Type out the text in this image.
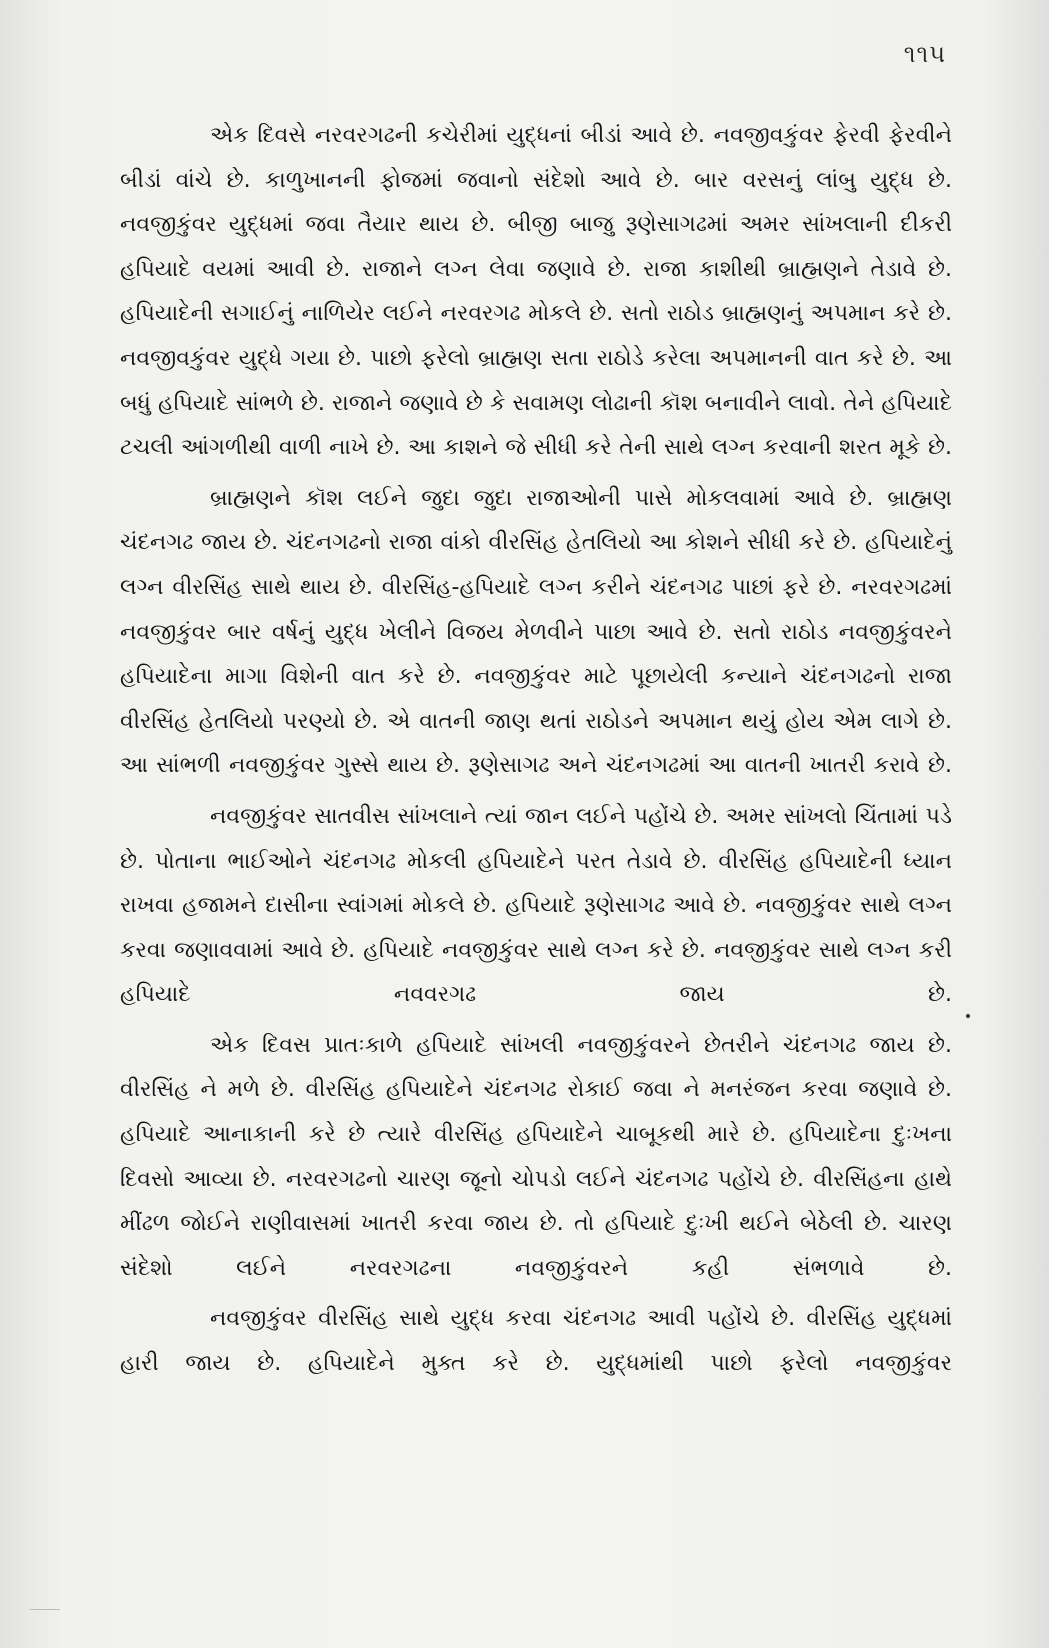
૧૧૫

એક દિવસે નરવરગઢની કચેરીમાં યુદ્ધનાં બીડાં આવે છે. નવજીવકુંવર ફેરવી ફેરવીને બીડાં વાંચે છે. કાળુખાનની ફોજમાં જવાનો સંદેશો આવે છે. બાર વરસનું લાંબુ યુદ્ધ છે. નવજીકુંવર યુદ્ધમાં જવા તૈયાર થાય છે. બીજી બાજુ રૂણેસાગઢમાં અમર સાંખલાની દીકરી હપિયાદે વયમાં આવી છે. રાજાને લગ્ન લેવા જણાવે છે. રાજા કાશીથી બ્રાહ્મણને તેડાવે છે. હપિયાદેની સગાઈનું નાળિયેર લઈને નરવરગઢ મોકલે છે. સતો રાઠોડ બ્રાહ્મણનું અપમાન કરે છે. નવજીવકુંવર યુદ્ધે ગયા છે. પાછો ફરેલો બ્રાહ્મણ સતા રાઠોડે કરેલા અપમાનની વાત કરે છે. આ બધું હપિયાદે સાંભળે છે. રાજાને જણાવે છે કે સવામણ લોઢાની કૉશ બનાવીને લાવો. તેને હપિયાદે ટચલી આંગળીથી વાળી નાખે છે. આ કાશને જે સીધી કરે તેની સાથે લગ્ન કરવાની શરત મૂકે છે.

બ્રાહ્મણને કૉશ લઈને જુદા જુદા રાજાઓની પાસે મોકલવામાં આવે છે. બ્રાહ્મણ ચંદનગઢ જાય છે. ચંદનગઢનો રાજા વાંકો વીરસિંહ હેતલિયો આ કોશને સીધી કરે છે. હપિયાદેનું લગ્ન વીરસિંહ સાથે થાય છે. વીરસિંહ-હપિયાદે લગ્ન કરીને ચંદનગઢ પાછાં ફરે છે. નરવરગઢમાં નવજીકુંવર બાર વર્ષનું યુદ્ધ ખેલીને વિજય મેળવીને પાછા આવે છે. સતો રાઠોડ નવજીકુંવરને હપિયાદેના માગા વિશેની વાત કરે છે. નવજીકુંવર માટે પૂછાયેલી કન્યાને ચંદનગઢનો રાજા વીરસિંહ હેતલિયો પરણ્યો છે. એ વાતની જાણ થતાં રાઠોડને અપમાન થયું હોય એમ લાગે છે. આ સાંભળી નવજીકુંવર ગુસ્સે થાય છે. રૂણેસાગઢ અને ચંદનગઢમાં આ વાતની ખાતરી કરાવે છે.

નવજીકુંવર સાતવીસ સાંખલાને ત્યાં જાન લઈને પહોંચે છે. અમર સાંખલો ચિંતામાં પડે છે. પોતાના ભાઈઓને ચંદનગઢ મોકલી હપિયાદેને પરત તેડાવે છે. વીરસિંહ હપિયાદેની ધ્યાન રાખવા હજામને દાસીના સ્વાંગમાં મોકલે છે. હપિયાદે રૂણેસાગઢ આવે છે. નવજીકુંવર સાથે લગ્ન કરવા જણાવવામાં આવે છે. હપિયાદે નવજીકુંવર સાથે લગ્ન કરે છે. નવજીકુંવર સાથે લગ્ન કરી હપિયાદે નવવરગઢ જાય છે.

એક દિવસ પ્રાતઃકાળે હપિયાદે સાંખલી નવજીકુંવરને છેતરીને ચંદનગઢ જાય છે. વીરસિંહ ને મળે છે. વીરસિંહ હપિયાદેને ચંદનગઢ રોકાઈ જવા ને મનરંજન કરવા જણાવે છે. હપિયાદે આનાકાની કરે છે ત્યારે વીરસિંહ હપિયાદેને ચાબૂકથી મારે છે. હપિયાદેના દુઃખના દિવસો આવ્યા છે. નરવરગઢનો ચારણ જૂનો ચોપડો લઈને ચંદનગઢ પહોંચે છે. વીરસિંહના હાથે મીંઢળ જોઈને રાણીવાસમાં ખાતરી કરવા જાય છે. તો હપિયાદે દુઃખી થઈને બેઠેલી છે. ચારણ સંદેશો લઈને નરવરગઢના નવજીકુંવરને કહી સંભળાવે છે.

નવજીકુંવર વીરસિંહ સાથે યુદ્ધ કરવા ચંદનગઢ આવી પહોંચે છે. વીરસિંહ યુદ્ધમાં હારી જાય છે. હપિયાદેને મુક્ત કરે છે. યુદ્ધમાંથી પાછો ફરેલો નવજીકુંવર
